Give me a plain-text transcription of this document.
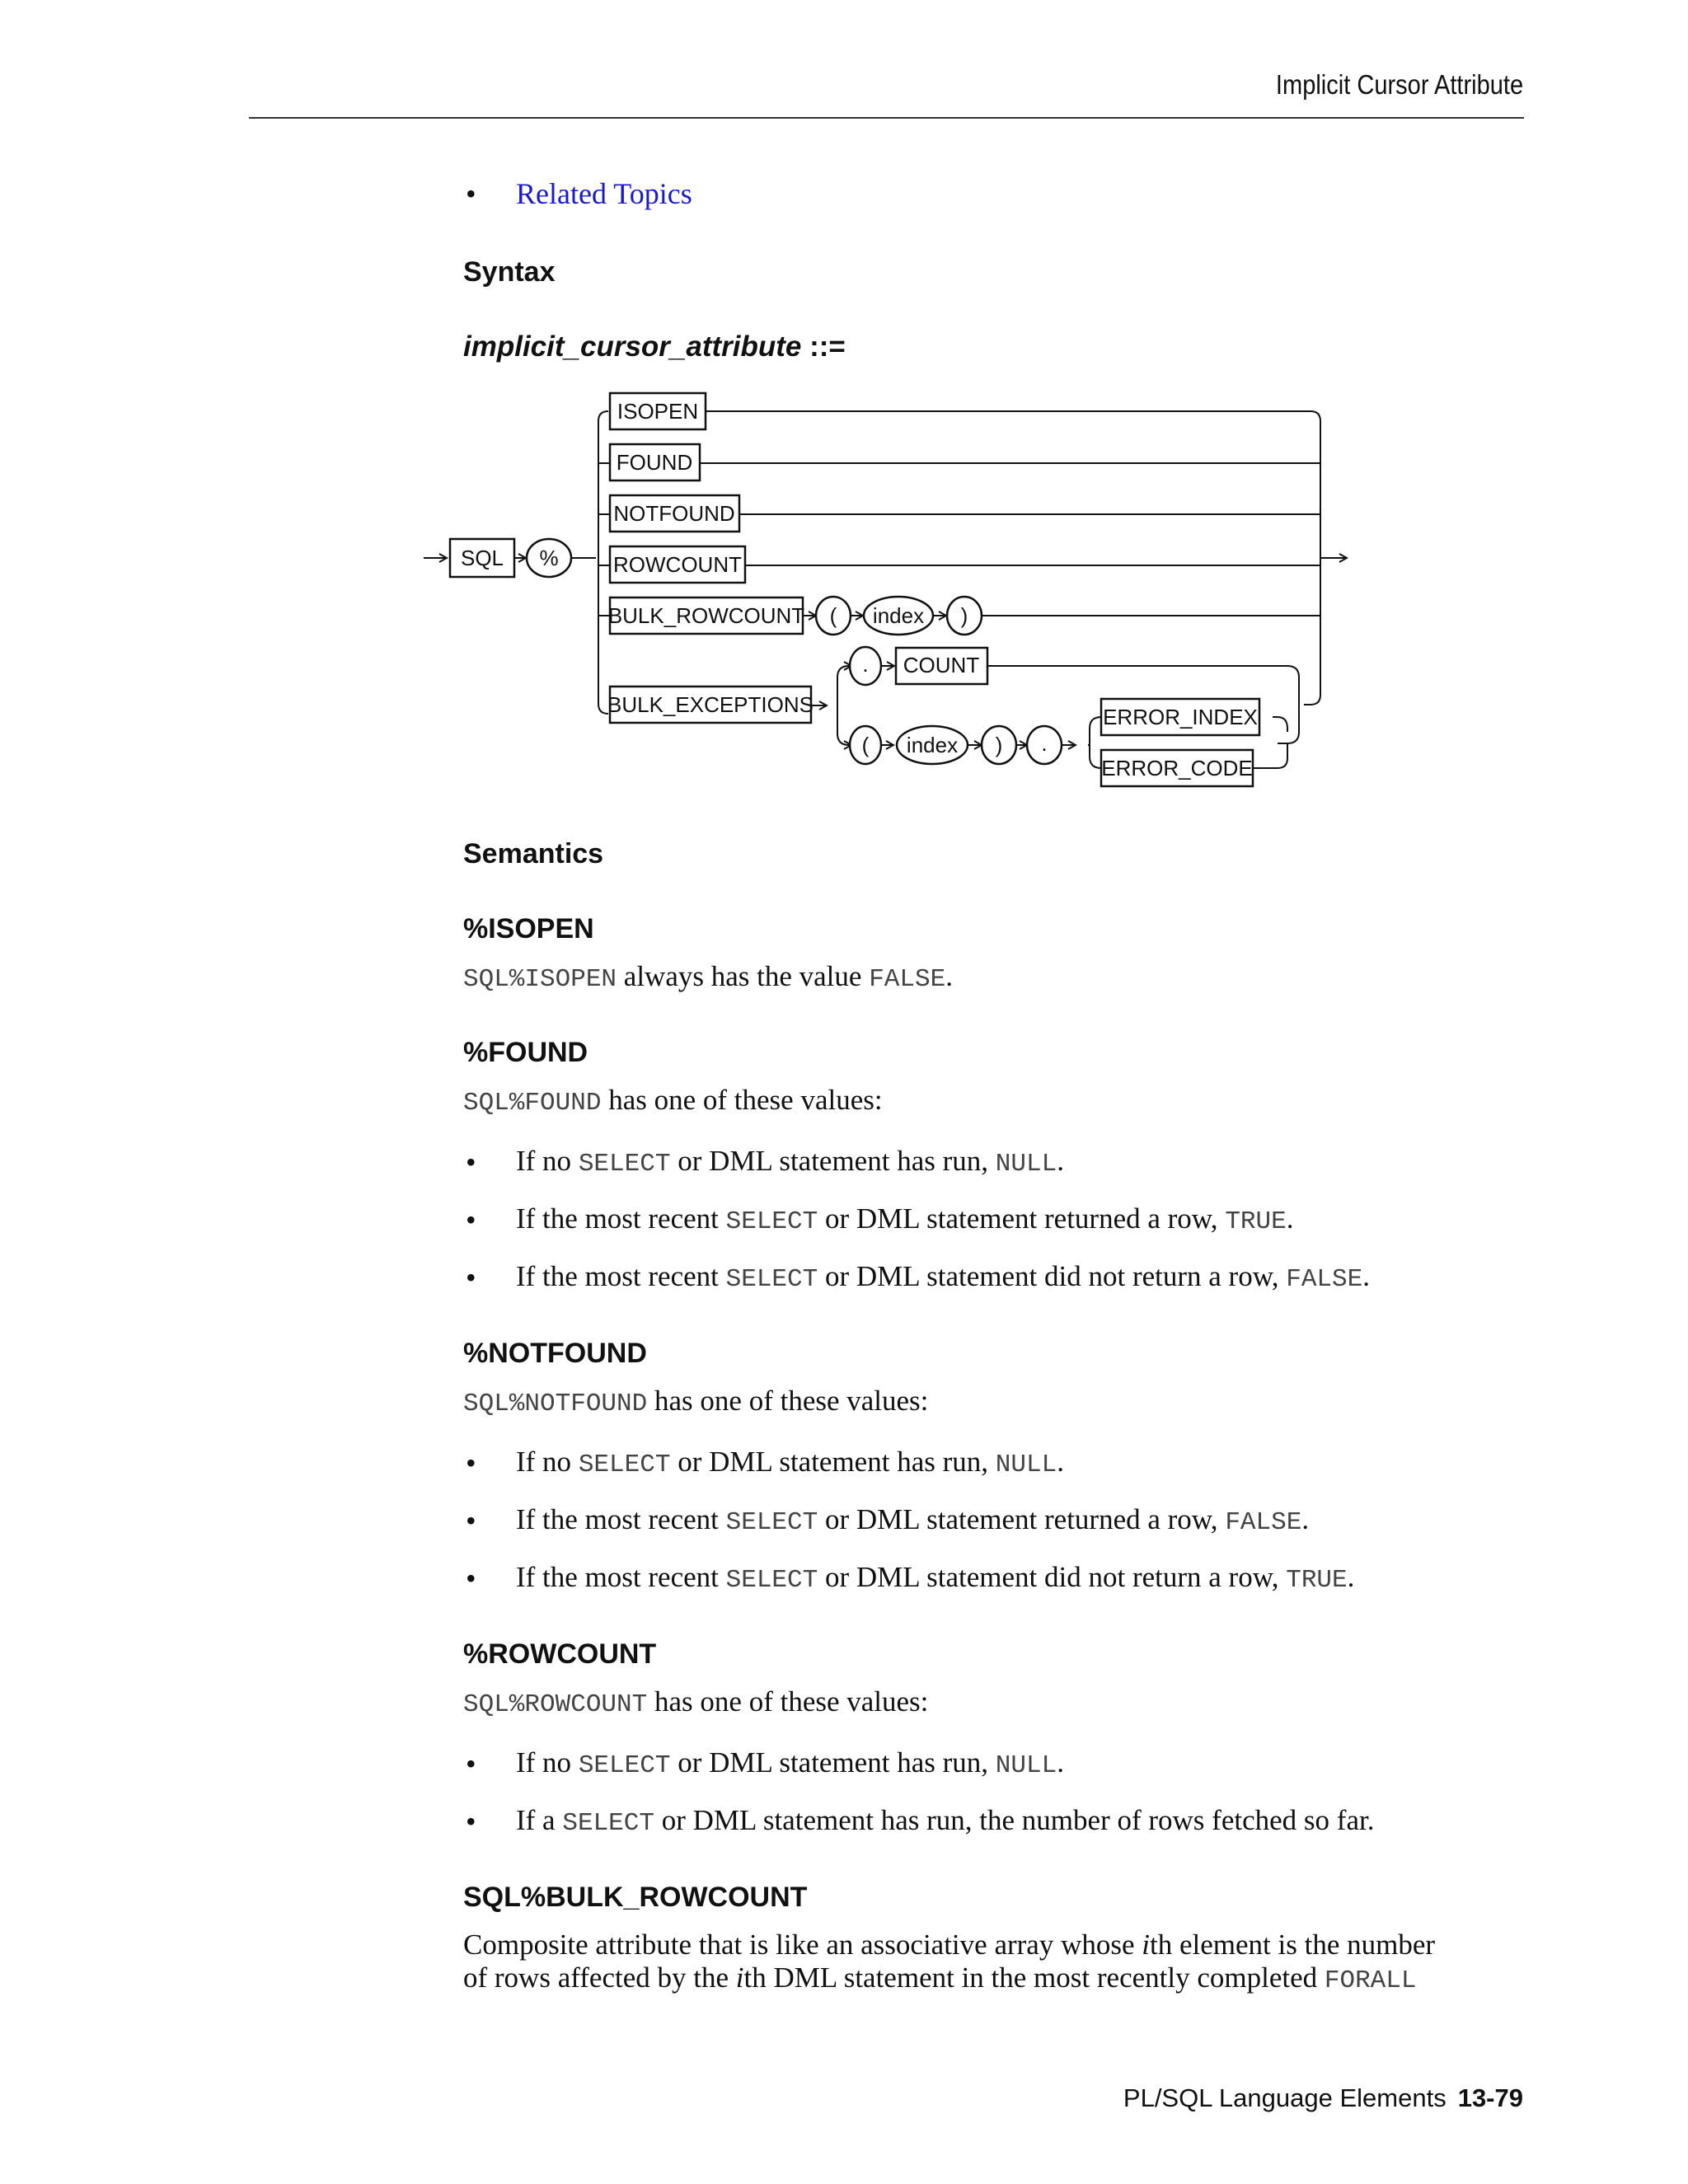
Implicit Cursor Attribute
• Related Topics
Syntax
implicit_cursor_attribute ::=
SQL %
ISOPEN
FOUND
NOTFOUND
ROWCOUNT
BULK_ROWCOUNT ( index )
BULK_EXCEPTIONS
. COUNT
( index ) .
ERROR_INDEX
ERROR_CODE
Semantics
%ISOPEN
SQL%ISOPEN always has the value FALSE.
%FOUND
SQL%FOUND has one of these values:
• If no SELECT or DML statement has run, NULL.
• If the most recent SELECT or DML statement returned a row, TRUE.
• If the most recent SELECT or DML statement did not return a row, FALSE.
%NOTFOUND
SQL%NOTFOUND has one of these values:
• If no SELECT or DML statement has run, NULL.
• If the most recent SELECT or DML statement returned a row, FALSE.
• If the most recent SELECT or DML statement did not return a row, TRUE.
%ROWCOUNT
SQL%ROWCOUNT has one of these values:
• If no SELECT or DML statement has run, NULL.
• If a SELECT or DML statement has run, the number of rows fetched so far.
SQL%BULK_ROWCOUNT
Composite attribute that is like an associative array whose ith element is the number
of rows affected by the ith DML statement in the most recently completed FORALL
PL/SQL Language Elements 13-79
